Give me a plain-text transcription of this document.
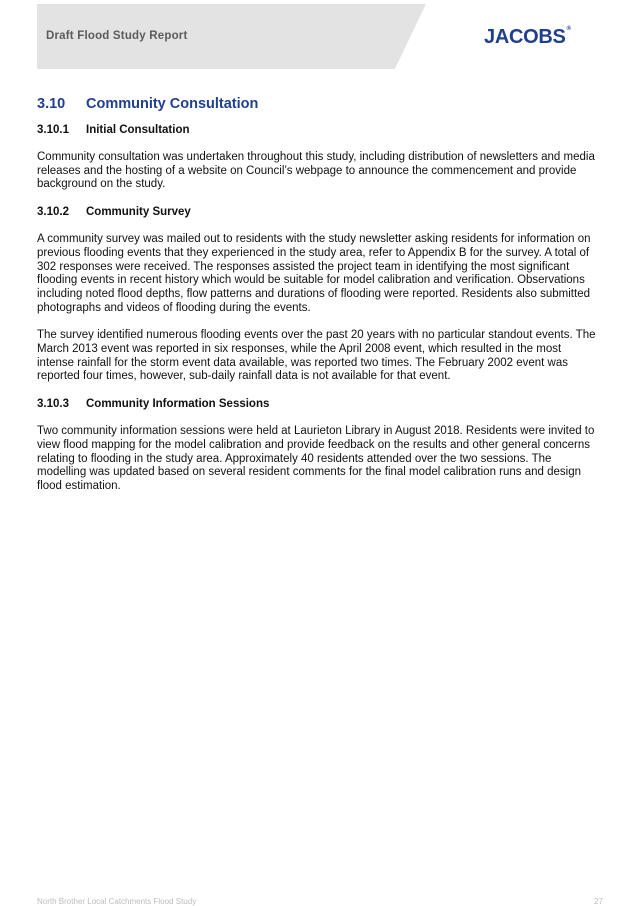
Draft Flood Study Report	JACOBS®
3.10	Community Consultation
3.10.1	Initial Consultation

Community consultation was undertaken throughout this study, including distribution of newsletters and media releases and the hosting of a website on Council’s webpage to announce the commencement and provide background on the study.

3.10.2	Community Survey

A community survey was mailed out to residents with the study newsletter asking residents for information on previous flooding events that they experienced in the study area, refer to Appendix B for the survey. A total of 302 responses were received. The responses assisted the project team in identifying the most significant flooding events in recent history which would be suitable for model calibration and verification. Observations including noted flood depths, flow patterns and durations of flooding were reported. Residents also submitted photographs and videos of flooding during the events.

The survey identified numerous flooding events over the past 20 years with no particular standout events. The March 2013 event was reported in six responses, while the April 2008 event, which resulted in the most intense rainfall for the storm event data available, was reported two times. The February 2002 event was reported four times, however, sub-daily rainfall data is not available for that event.

3.10.3	Community Information Sessions

Two community information sessions were held at Laurieton Library in August 2018. Residents were invited to view flood mapping for the model calibration and provide feedback on the results and other general concerns relating to flooding in the study area. Approximately 40 residents attended over the two sessions. The modelling was updated based on several resident comments for the final model calibration runs and design flood estimation.

North Brother Local Catchments Flood Study	27
